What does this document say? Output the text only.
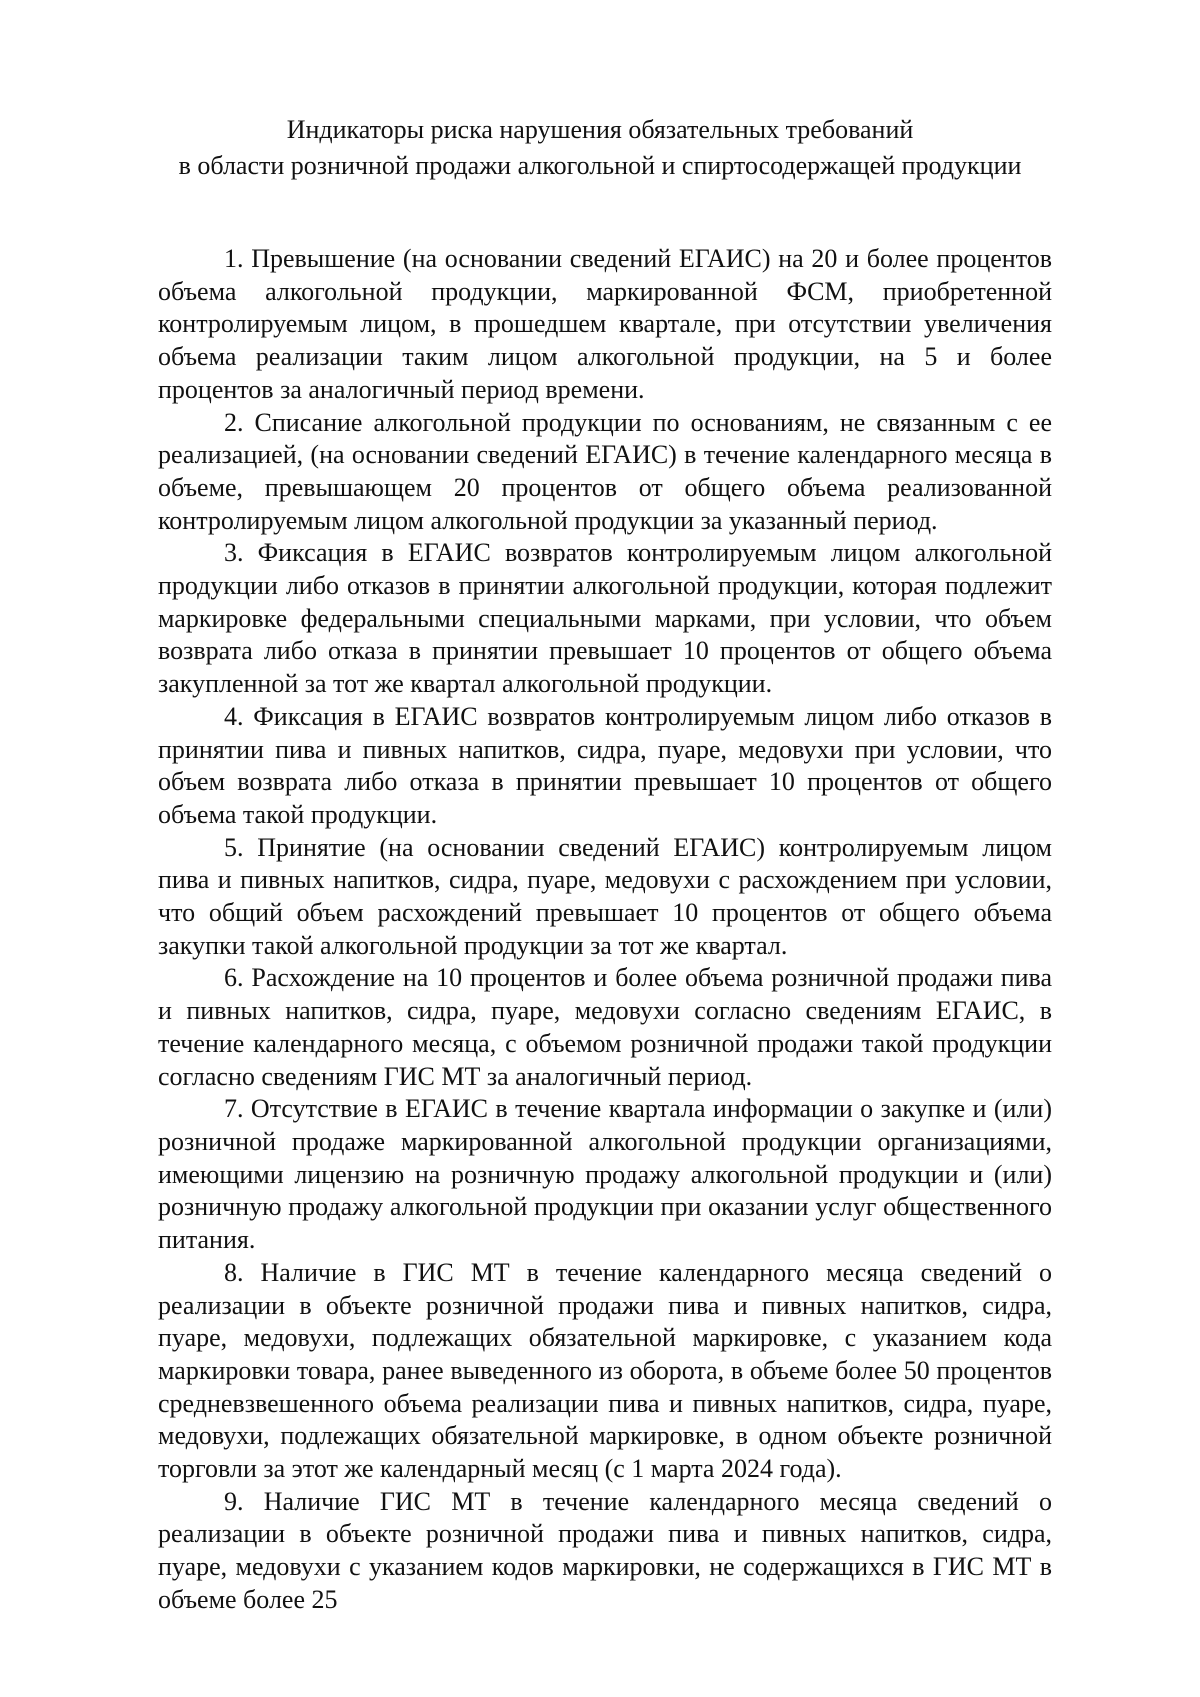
Индикаторы риска нарушения обязательных требований
в области розничной продажи алкогольной и спиртосодержащей продукции

1 . Превышение (на основании сведений ЕГАИС) на 20 и более процентов объема алкогольной продукции, маркированной ФСМ, приобретенной контролируемым лицом, в прошедшем квартале, при отсутствии увеличения объема реализации таким лицом алкогольной продукции, на 5 и более процентов за аналогичный период времени.

2 . Списание алкогольной продукции по основаниям, не связанным с ее реализацией, (на основании сведений ЕГАИС) в течение календарного месяца в объеме, превышающем 20 процентов от общего объема реализованной контролируемым лицом алкогольной продукции за указанный период.

3 . Фиксация в ЕГАИС возвратов контролируемым лицом алкогольной продукции либо отказов в принятии алкогольной продукции, которая подлежит маркировке федеральными специальными марками, при условии, что объем возврата либо отказа в принятии превышает 10 процентов от общего объема закупленной за тот же квартал алкогольной продукции.

4 . Фиксация в ЕГАИС возвратов контролируемым лицом либо отказов в принятии пива и пивных напитков, сидра, пуаре, медовухи при условии, что объем возврата либо отказа в принятии превышает 10 процентов от общего объема такой продукции.

5 . Принятие (на основании сведений ЕГАИС) контролируемым лицом пива и пивных напитков, сидра, пуаре, медовухи с расхождением при условии, что общий объем расхождений превышает 10 процентов от общего объема закупки такой алкогольной продукции за тот же квартал.

6 . Расхождение на 10 процентов и более объема розничной продажи пива и пивных напитков, сидра, пуаре, медовухи согласно сведениям ЕГАИС, в течение календарного месяца, с объемом розничной продажи такой продукции согласно сведениям ГИС МТ за аналогичный период.

7 . Отсутствие в ЕГАИС в течение квартала информации о закупке и (или) розничной продаже маркированной алкогольной продукции организациями, имеющими лицензию на розничную продажу алкогольной продукции и (или) розничную продажу алкогольной продукции при оказании услуг общественного питания.

8 . Наличие в ГИС МТ в течение календарного месяца сведений о реализации в объекте розничной продажи пива и пивных напитков, сидра, пуаре, медовухи, подлежащих обязательной маркировке, с указанием кода маркировки товара, ранее выведенного из оборота, в объеме более 50 процентов средневзвешенного объема реализации пива и пивных напитков, сидра, пуаре, медовухи, подлежащих обязательной маркировке, в одном объекте розничной торговли за этот же календарный месяц (с 1 марта 2024 года).

9 . Наличие ГИС МТ в течение календарного месяца сведений о реализации в объекте розничной продажи пива и пивных напитков, сидра, пуаре, медовухи с указанием кодов маркировки, не содержащихся в ГИС МТ в объеме более 25
